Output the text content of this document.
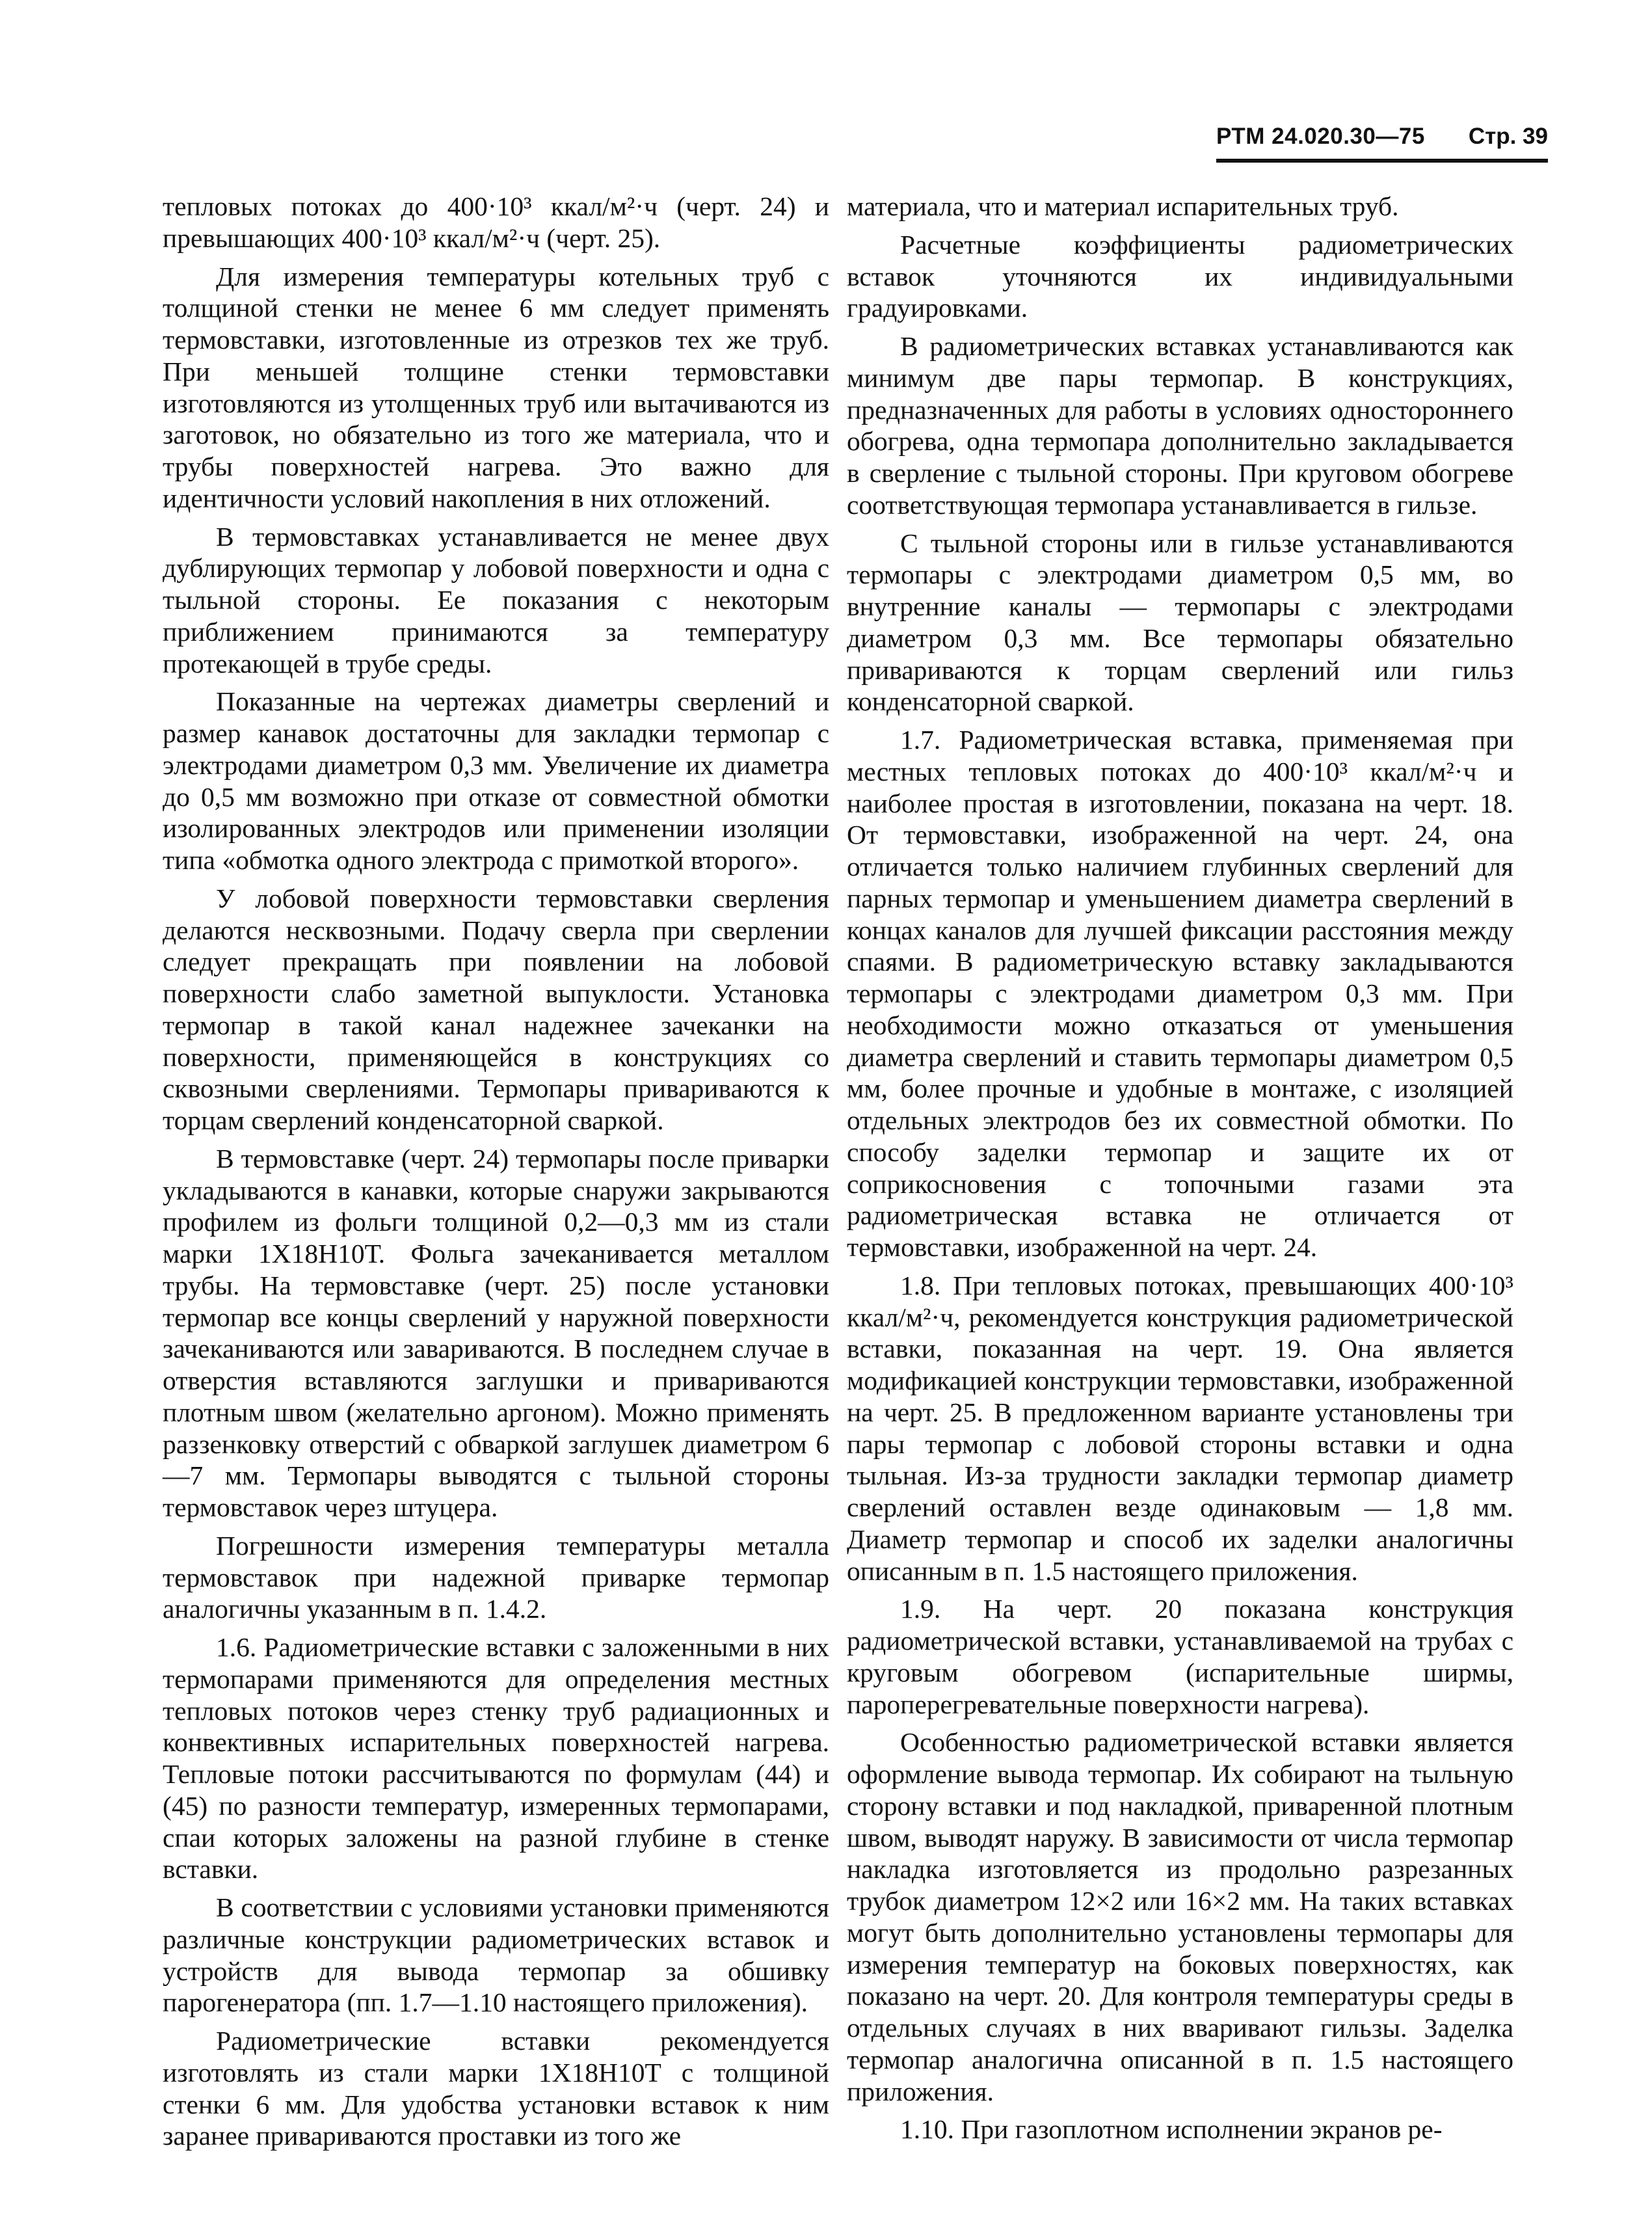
РТМ 24.020.30—75 Стр. 39

тепловых потоках до 400·10³ ккал/м²·ч (черт. 24) и превышающих 400·10³ ккал/м²·ч (черт. 25).

Для измерения температуры котельных труб с толщиной стенки не менее 6 мм следует применять термовставки, изготовленные из отрезков тех же труб. При меньшей толщине стенки термовставки изготовляются из утолщенных труб или вытачиваются из заготовок, но обязательно из того же материала, что и трубы поверхностей нагрева. Это важно для идентичности условий накопления в них отложений.

В термовставках устанавливается не менее двух дублирующих термопар у лобовой поверхности и одна с тыльной стороны. Ее показания с некоторым приближением принимаются за температуру протекающей в трубе среды.

Показанные на чертежах диаметры сверлений и размер канавок достаточны для закладки термопар с электродами диаметром 0,3 мм. Увеличение их диаметра до 0,5 мм возможно при отказе от совместной обмотки изолированных электродов или применении изоляции типа «обмотка одного электрода с примоткой второго».

У лобовой поверхности термовставки сверления делаются несквозными. Подачу сверла при сверлении следует прекращать при появлении на лобовой поверхности слабо заметной выпуклости. Установка термопар в такой канал надежнее зачеканки на поверхности, применяющейся в конструкциях со сквозными сверлениями. Термопары привариваются к торцам сверлений конденсаторной сваркой.

В термовставке (черт. 24) термопары после приварки укладываются в канавки, которые снаружи закрываются профилем из фольги толщиной 0,2—0,3 мм из стали марки 1Х18Н10Т. Фольга зачеканивается металлом трубы. На термовставке (черт. 25) после установки термопар все концы сверлений у наружной поверхности зачеканиваются или завариваются. В последнем случае в отверстия вставляются заглушки и привариваются плотным швом (желательно аргоном). Можно применять раззенковку отверстий с обваркой заглушек диаметром 6—7 мм. Термопары выводятся с тыльной стороны термовставок через штуцера.

Погрешности измерения температуры металла термовставок при надежной приварке термопар аналогичны указанным в п. 1.4.2.

1.6. Радиометрические вставки с заложенными в них термопарами применяются для определения местных тепловых потоков через стенку труб радиационных и конвективных испарительных поверхностей нагрева. Тепловые потоки рассчитываются по формулам (44) и (45) по разности температур, измеренных термопарами, спаи которых заложены на разной глубине в стенке вставки.

В соответствии с условиями установки применяются различные конструкции радиометрических вставок и устройств для вывода термопар за обшивку парогенератора (пп. 1.7—1.10 настоящего приложения).

Радиометрические вставки рекомендуется изготовлять из стали марки 1Х18Н10Т с толщиной стенки 6 мм. Для удобства установки вставок к ним заранее привариваются проставки из того же

материала, что и материал испарительных труб.

Расчетные коэффициенты радиометрических вставок уточняются их индивидуальными градуировками.

В радиометрических вставках устанавливаются как минимум две пары термопар. В конструкциях, предназначенных для работы в условиях одностороннего обогрева, одна термопара дополнительно закладывается в сверление с тыльной стороны. При круговом обогреве соответствующая термопара устанавливается в гильзе.

С тыльной стороны или в гильзе устанавливаются термопары с электродами диаметром 0,5 мм, во внутренние каналы — термопары с электродами диаметром 0,3 мм. Все термопары обязательно привариваются к торцам сверлений или гильз конденсаторной сваркой.

1.7. Радиометрическая вставка, применяемая при местных тепловых потоках до 400·10³ ккал/м²·ч и наиболее простая в изготовлении, показана на черт. 18. От термовставки, изображенной на черт. 24, она отличается только наличием глубинных сверлений для парных термопар и уменьшением диаметра сверлений в концах каналов для лучшей фиксации расстояния между спаями. В радиометрическую вставку закладываются термопары с электродами диаметром 0,3 мм. При необходимости можно отказаться от уменьшения диаметра сверлений и ставить термопары диаметром 0,5 мм, более прочные и удобные в монтаже, с изоляцией отдельных электродов без их совместной обмотки. По способу заделки термопар и защите их от соприкосновения с топочными газами эта радиометрическая вставка не отличается от термовставки, изображенной на черт. 24.

1.8. При тепловых потоках, превышающих 400·10³ ккал/м²·ч, рекомендуется конструкция радиометрической вставки, показанная на черт. 19. Она является модификацией конструкции термовставки, изображенной на черт. 25. В предложенном варианте установлены три пары термопар с лобовой стороны вставки и одна тыльная. Из-за трудности закладки термопар диаметр сверлений оставлен везде одинаковым — 1,8 мм. Диаметр термопар и способ их заделки аналогичны описанным в п. 1.5 настоящего приложения.

1.9. На черт. 20 показана конструкция радиометрической вставки, устанавливаемой на трубах с круговым обогревом (испарительные ширмы, пароперегревательные поверхности нагрева).

Особенностью радиометрической вставки является оформление вывода термопар. Их собирают на тыльную сторону вставки и под накладкой, приваренной плотным швом, выводят наружу. В зависимости от числа термопар накладка изготовляется из продольно разрезанных трубок диаметром 12×2 или 16×2 мм. На таких вставках могут быть дополнительно установлены термопары для измерения температур на боковых поверхностях, как показано на черт. 20. Для контроля температуры среды в отдельных случаях в них вваривают гильзы. Заделка термопар аналогична описанной в п. 1.5 настоящего приложения.

1.10. При газоплотном исполнении экранов ре-
